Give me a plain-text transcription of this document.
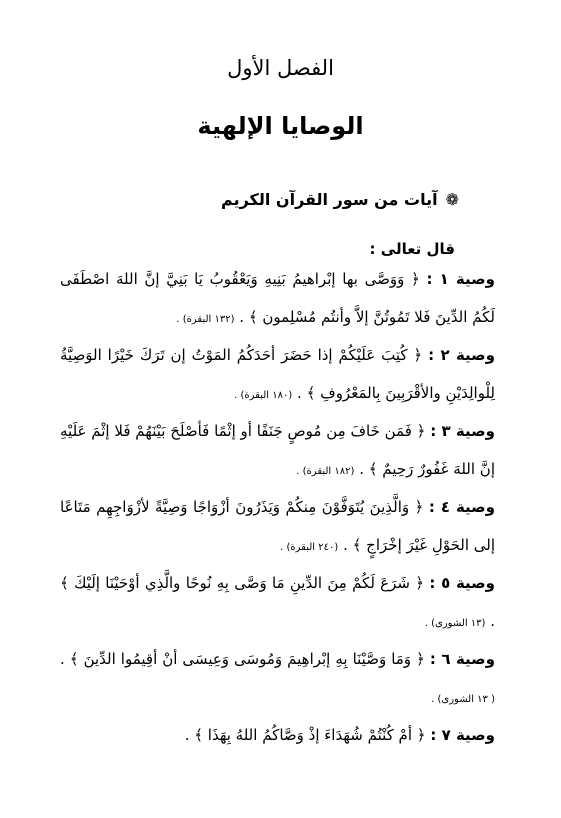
الفصل الأول
الوصايا الإلهية
❁
آيات من سور القرآن الكريم
قال تعالى :
وصية ١ : ﴿ وَوَصَّى بها إبْراهيمُ بَنِيهِ وَيَعْقُوبُ يَا بَنِيَّ إنَّ اللهَ اصْطَفَى لَكُمُ الدِّينَ فَلا تَمُوتُنَّ إلاَّ وأنتُم مُسْلِمون ﴾ . (١٣٢ البقرة) .
وصية ٢ : ﴿ كُتِبَ عَلَيْكُمْ إذا حَضَرَ أحَدَكُمُ المَوْتُ إن تَرَكَ خَيْرًا الوَصِيَّةُ لِلْوالِدَيْنِ والأقْرَبِينَ بِالمَعْرُوفِ ﴾ . (١٨٠ البقرة) .
وصية ٣ : ﴿ فَمَن خَافَ مِن مُوصٍ جَنَفًا أو إثْمًا فَأصْلَحَ بَيْنَهُمْ فَلا إثْمَ عَلَيْهِ إنَّ اللهَ غَفُورٌ رَحِيمٌ ﴾ . (١٨٢ البقرة) .
وصية ٤ : ﴿ وَالَّذِينَ يُتَوَفَّوْنَ مِنكُمْ وَيَذَرُونَ أزْوَاجًا وَصِيَّةً لأزْوَاجِهِم مَتَاعًا إلى الحَوْلِ غَيْرَ إخْرَاجٍ ﴾ . (٢٤٠ البقرة) .
وصية ٥ : ﴿ شَرَعَ لَكُمْ مِنَ الدِّينِ مَا وَصَّى بِهِ نُوحًا والَّذِي أوْحَيْنَا إلَيْكَ ﴾ . (١٣ الشورى) .
وصية ٦ : ﴿ وَمَا وَصَّيْنَا بِهِ إبْراهِيمَ وَمُوسَى وَعِيسَى أنْ أقِيمُوا الدِّينَ ﴾ . ( ١٣ الشورى) .
وصية ٧ : ﴿ أمْ كُنْتُمْ شُهَدَاءَ إذْ وَصَّاكُمُ اللهُ بِهَذَا ﴾ .
